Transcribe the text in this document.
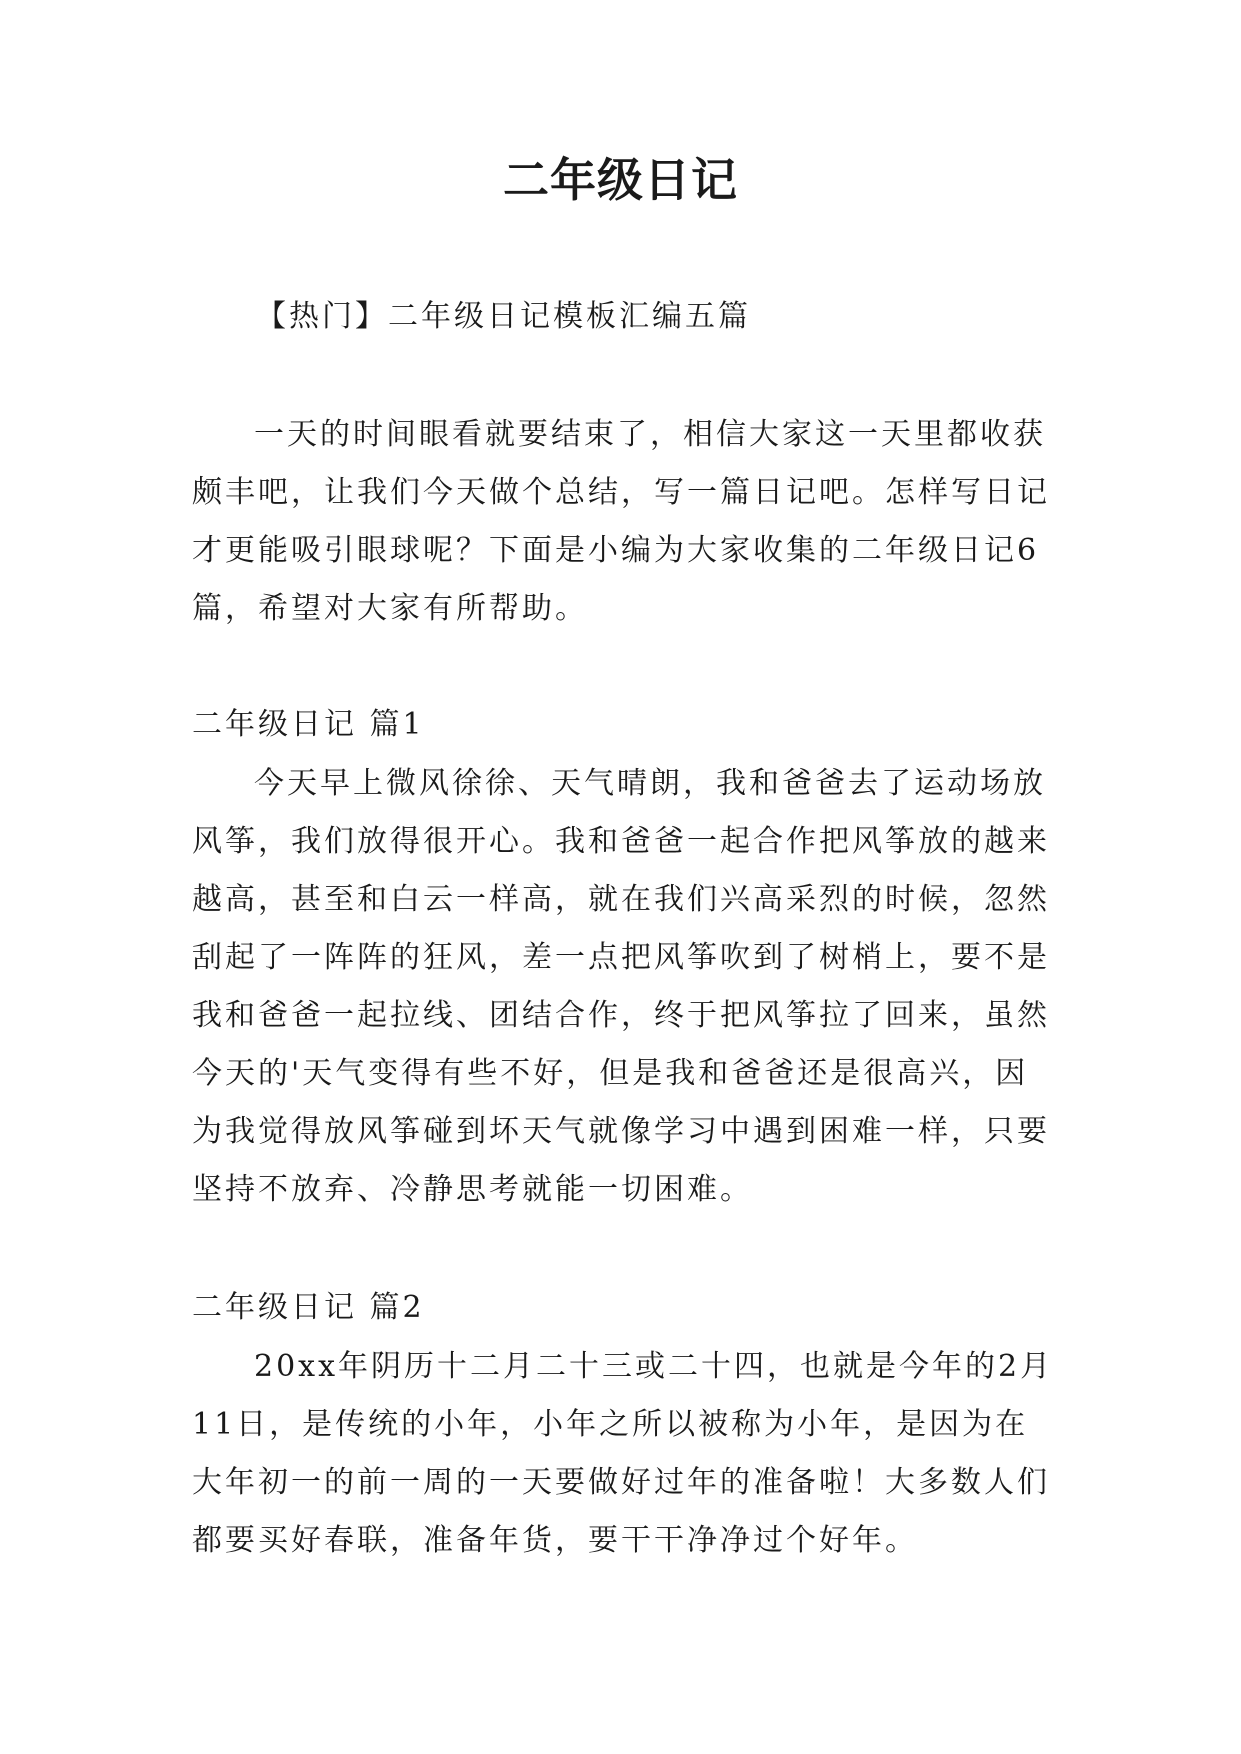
二年级日记

【热门】二年级日记模板汇编五篇

一天的时间眼看就要结束了，相信大家这一天里都收获颇丰吧，让我们今天做个总结，写一篇日记吧。怎样写日记才更能吸引眼球呢？下面是小编为大家收集的二年级日记6篇，希望对大家有所帮助。

二年级日记 篇1

今天早上微风徐徐、天气晴朗，我和爸爸去了运动场放风筝，我们放得很开心。我和爸爸一起合作把风筝放的越来越高，甚至和白云一样高，就在我们兴高采烈的时候，忽然刮起了一阵阵的狂风，差一点把风筝吹到了树梢上，要不是我和爸爸一起拉线、团结合作，终于把风筝拉了回来，虽然今天的'天气变得有些不好，但是我和爸爸还是很高兴，因为我觉得放风筝碰到坏天气就像学习中遇到困难一样，只要坚持不放弃、冷静思考就能一切困难。

二年级日记 篇2

20xx年阴历十二月二十三或二十四，也就是今年的2月11日，是传统的小年，小年之所以被称为小年，是因为在大年初一的前一周的一天要做好过年的准备啦！大多数人们都要买好春联，准备年货，要干干净净过个好年。
